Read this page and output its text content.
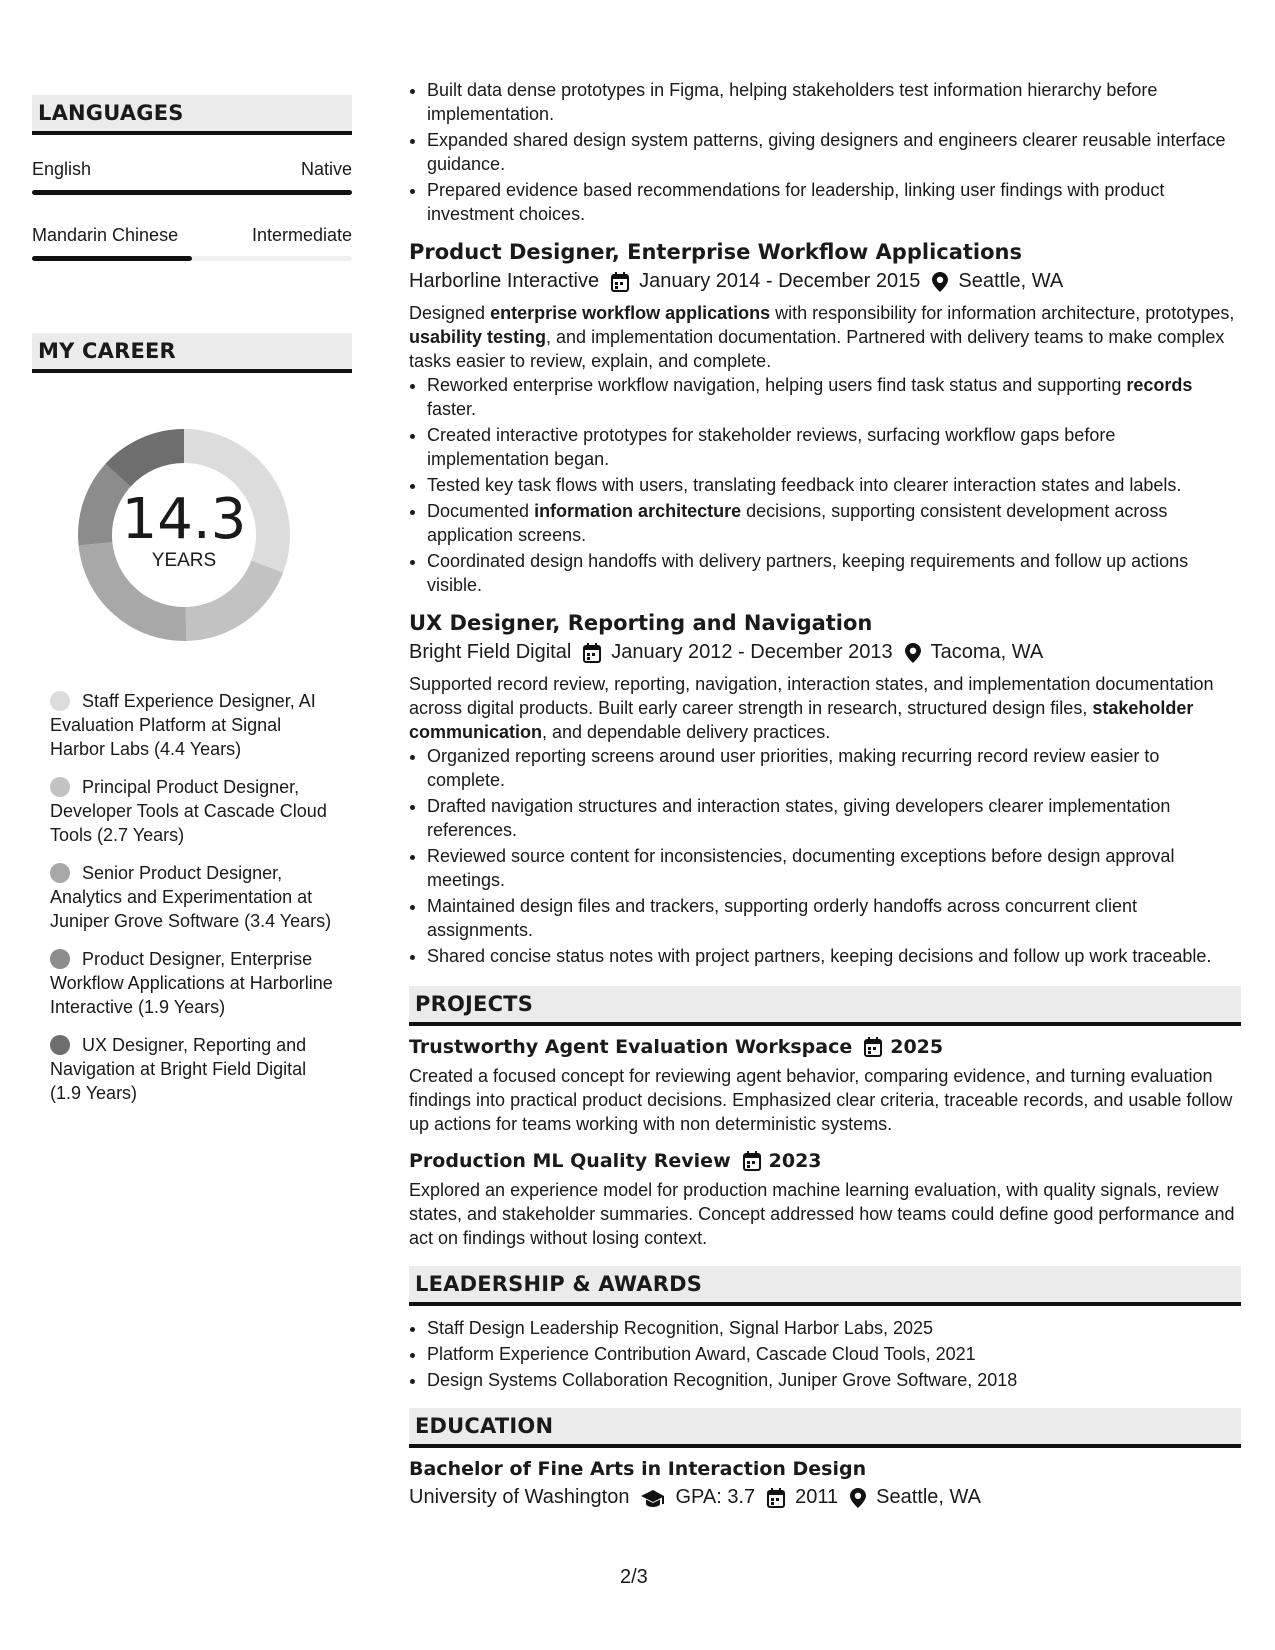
LANGUAGES
English	Native
Mandarin Chinese	Intermediate
MY CAREER
14.3
YEARS
Staff Experience Designer, AI Evaluation Platform at Signal Harbor Labs (4.4 Years)
Principal Product Designer, Developer Tools at Cascade Cloud Tools (2.7 Years)
Senior Product Designer, Analytics and Experimentation at Juniper Grove Software (3.4 Years)
Product Designer, Enterprise Workflow Applications at Harborline Interactive (1.9 Years)
UX Designer, Reporting and Navigation at Bright Field Digital (1.9 Years)
• Built data dense prototypes in Figma, helping stakeholders test information hierarchy before implementation.
• Expanded shared design system patterns, giving designers and engineers clearer reusable interface guidance.
• Prepared evidence based recommendations for leadership, linking user findings with product investment choices.
Product Designer, Enterprise Workflow Applications
Harborline Interactive January 2014 - December 2015 Seattle, WA
Designed enterprise workflow applications with responsibility for information architecture, prototypes, usability testing, and implementation documentation. Partnered with delivery teams to make complex tasks easier to review, explain, and complete.
• Reworked enterprise workflow navigation, helping users find task status and supporting records faster.
• Created interactive prototypes for stakeholder reviews, surfacing workflow gaps before implementation began.
• Tested key task flows with users, translating feedback into clearer interaction states and labels.
• Documented information architecture decisions, supporting consistent development across application screens.
• Coordinated design handoffs with delivery partners, keeping requirements and follow up actions visible.
UX Designer, Reporting and Navigation
Bright Field Digital January 2012 - December 2013 Tacoma, WA
Supported record review, reporting, navigation, interaction states, and implementation documentation across digital products. Built early career strength in research, structured design files, stakeholder communication, and dependable delivery practices.
• Organized reporting screens around user priorities, making recurring record review easier to complete.
• Drafted navigation structures and interaction states, giving developers clearer implementation references.
• Reviewed source content for inconsistencies, documenting exceptions before design approval meetings.
• Maintained design files and trackers, supporting orderly handoffs across concurrent client assignments.
• Shared concise status notes with project partners, keeping decisions and follow up work traceable.
PROJECTS
Trustworthy Agent Evaluation Workspace 2025
Created a focused concept for reviewing agent behavior, comparing evidence, and turning evaluation findings into practical product decisions. Emphasized clear criteria, traceable records, and usable follow up actions for teams working with non deterministic systems.
Production ML Quality Review 2023
Explored an experience model for production machine learning evaluation, with quality signals, review states, and stakeholder summaries. Concept addressed how teams could define good performance and act on findings without losing context.
LEADERSHIP & AWARDS
• Staff Design Leadership Recognition, Signal Harbor Labs, 2025
• Platform Experience Contribution Award, Cascade Cloud Tools, 2021
• Design Systems Collaboration Recognition, Juniper Grove Software, 2018
EDUCATION
Bachelor of Fine Arts in Interaction Design
University of Washington GPA: 3.7 2011 Seattle, WA
2/3
